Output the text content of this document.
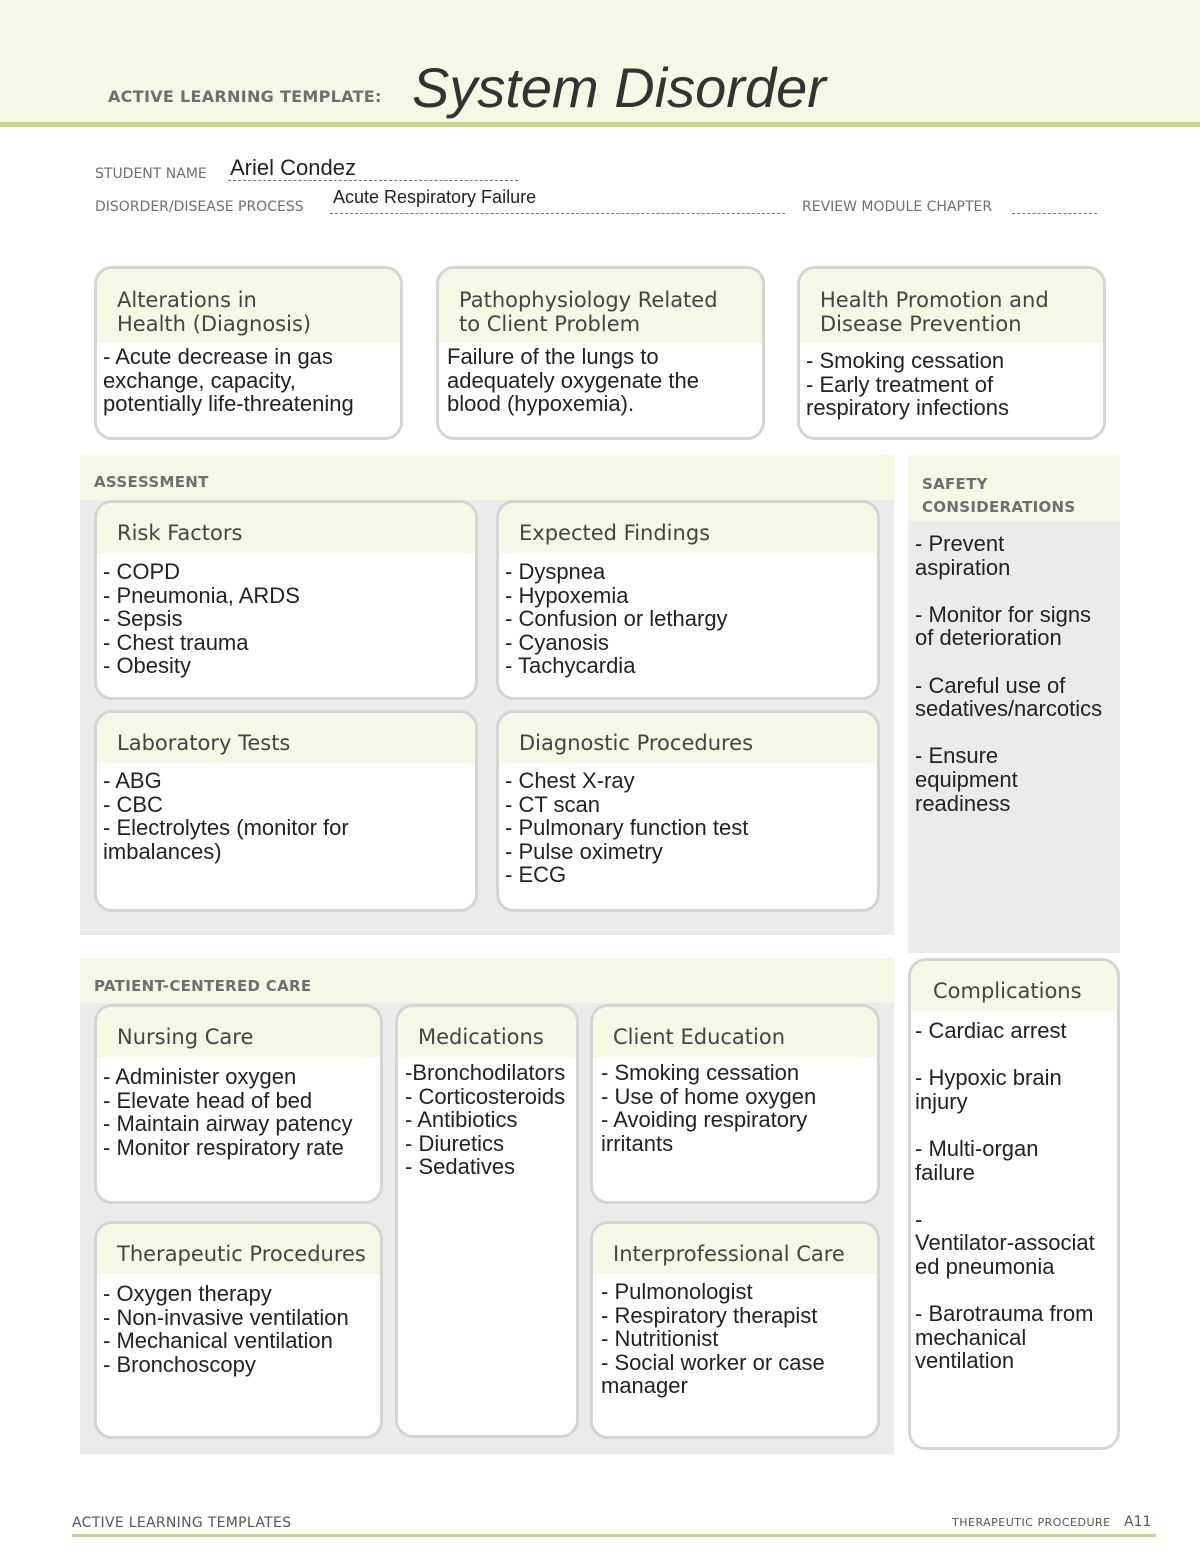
ACTIVE LEARNING TEMPLATE: System Disorder
STUDENT NAME Ariel Condez
DISORDER/DISEASE PROCESS Acute Respiratory Failure	REVIEW MODULE CHAPTER
Alterations in
Health (Diagnosis)
- Acute decrease in gas
exchange, capacity,
potentially life-threatening
Pathophysiology Related
to Client Problem
Failure of the lungs to
adequately oxygenate the
blood (hypoxemia).
Health Promotion and
Disease Prevention
- Smoking cessation
- Early treatment of
respiratory infections
ASSESSMENT
Risk Factors
- COPD
- Pneumonia, ARDS
- Sepsis
- Chest trauma
- Obesity
Expected Findings
- Dyspnea
- Hypoxemia
- Confusion or lethargy
- Cyanosis
- Tachycardia
Laboratory Tests
- ABG
- CBC
- Electrolytes (monitor for
imbalances)
Diagnostic Procedures
- Chest X-ray
- CT scan
- Pulmonary function test
- Pulse oximetry
- ECG
SAFETY
CONSIDERATIONS
- Prevent
aspiration

- Monitor for signs
of deterioration

- Careful use of
sedatives/narcotics

- Ensure
equipment
readiness
PATIENT-CENTERED CARE
Nursing Care
- Administer oxygen
- Elevate head of bed
- Maintain airway patency
- Monitor respiratory rate
Medications
-Bronchodilators
- Corticosteroids
- Antibiotics
- Diuretics
- Sedatives
Client Education
- Smoking cessation
- Use of home oxygen
- Avoiding respiratory
irritants
Therapeutic Procedures
- Oxygen therapy
- Non-invasive ventilation
- Mechanical ventilation
- Bronchoscopy
Interprofessional Care
- Pulmonologist
- Respiratory therapist
- Nutritionist
- Social worker or case
manager
Complications
- Cardiac arrest

- Hypoxic brain
injury

- Multi-organ
failure

-
Ventilator-associat
ed pneumonia

- Barotrauma from
mechanical
ventilation
ACTIVE LEARNING TEMPLATES	THERAPEUTIC PROCEDURE A11
